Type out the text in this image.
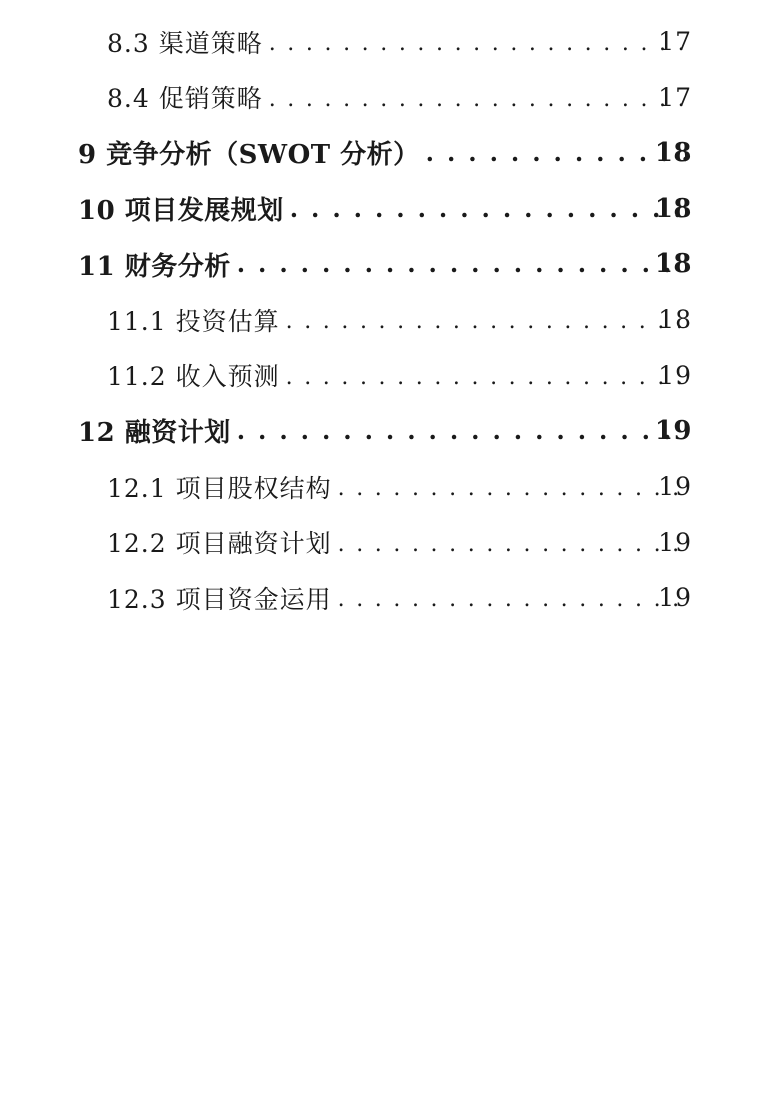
8.3 渠道策略 . . .	17
8.4 促销策略 . . .	17
9 竞争分析（SWOT 分析） . . .	18
10 项目发展规划 . . .	18
11 财务分析 . . .	18
11.1 投资估算 . . .	18
11.2 收入预测 . . .	19
12 融资计划 . . .	19
12.1 项目股权结构 . . .	19
12.2 项目融资计划 . . .	19
12.3 项目资金运用 . . .	19
